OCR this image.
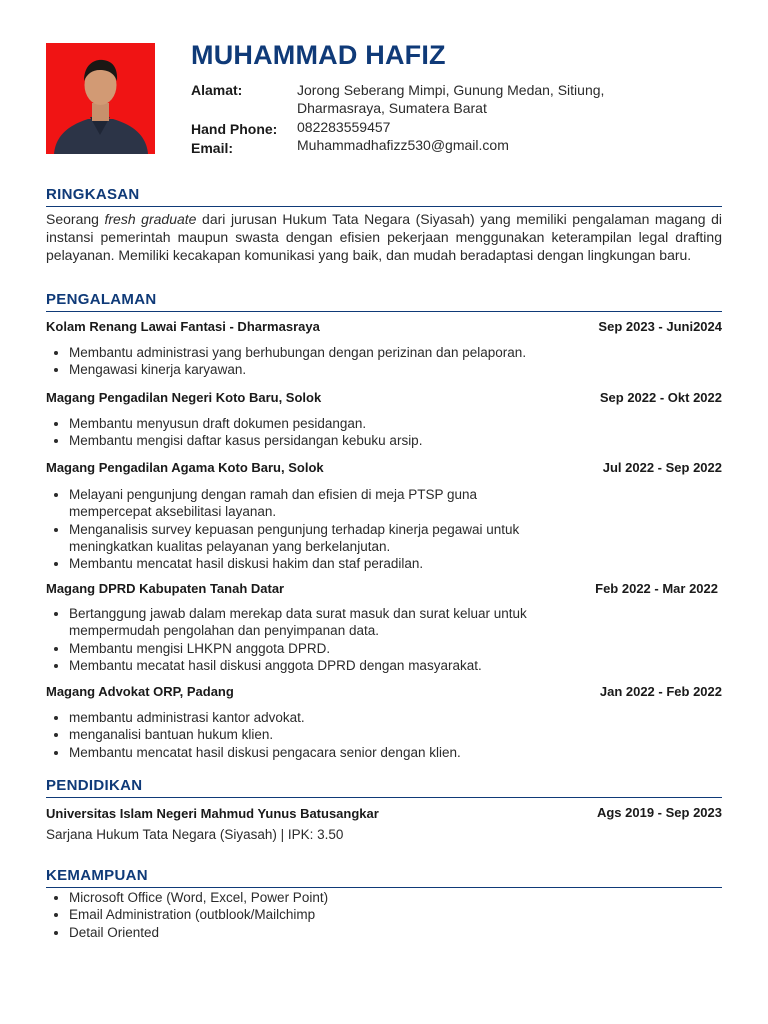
MUHAMMAD HAFIZ
Alamat:	Jorong Seberang Mimpi, Gunung Medan, Sitiung,
Dharmasraya, Sumatera Barat
Hand Phone: 082283559457
Email:	Muhammadhafizz530@gmail.com
RINGKASAN
Seorang fresh graduate dari jurusan Hukum Tata Negara (Siyasah) yang memiliki pengalaman magang di instansi pemerintah maupun swasta dengan efisien pekerjaan menggunakan keterampilan legal drafting pelayanan. Memiliki kecakapan komunikasi yang baik, dan mudah beradaptasi dengan lingkungan baru.
PENGALAMAN
Kolam Renang Lawai Fantasi - Dharmasraya	Sep 2023 - Juni2024
• Membantu administrasi yang berhubungan dengan perizinan dan pelaporan.
• Mengawasi kinerja karyawan.
Magang Pengadilan Negeri Koto Baru, Solok	Sep 2022 - Okt 2022
• Membantu menyusun draft dokumen pesidangan.
• Membantu mengisi daftar kasus persidangan kebuku arsip.
Magang Pengadilan Agama Koto Baru, Solok	Jul 2022 - Sep 2022
• Melayani pengunjung dengan ramah dan efisien di meja PTSP guna
mempercepat aksebilitasi layanan.
• Menganalisis survey kepuasan pengunjung terhadap kinerja pegawai untuk
meningkatkan kualitas pelayanan yang berkelanjutan.
• Membantu mencatat hasil diskusi hakim dan staf peradilan.
Magang DPRD Kabupaten Tanah Datar	Feb 2022 - Mar 2022
• Bertanggung jawab dalam merekap data surat masuk dan surat keluar untuk
mempermudah pengolahan dan penyimpanan data.
• Membantu mengisi LHKPN anggota DPRD.
• Membantu mecatat hasil diskusi anggota DPRD dengan masyarakat.
Magang Advokat ORP, Padang	Jan 2022 - Feb 2022
• membantu administrasi kantor advokat.
• menganalisi bantuan hukum klien.
• Membantu mencatat hasil diskusi pengacara senior dengan klien.
PENDIDIKAN
Universitas Islam Negeri Mahmud Yunus Batusangkar	Ags 2019 - Sep 2023
Sarjana Hukum Tata Negara (Siyasah) | IPK: 3.50
KEMAMPUAN
• Microsoft Office (Word, Excel, Power Point)
• Email Administration (outblook/Mailchimp
• Detail Oriented
